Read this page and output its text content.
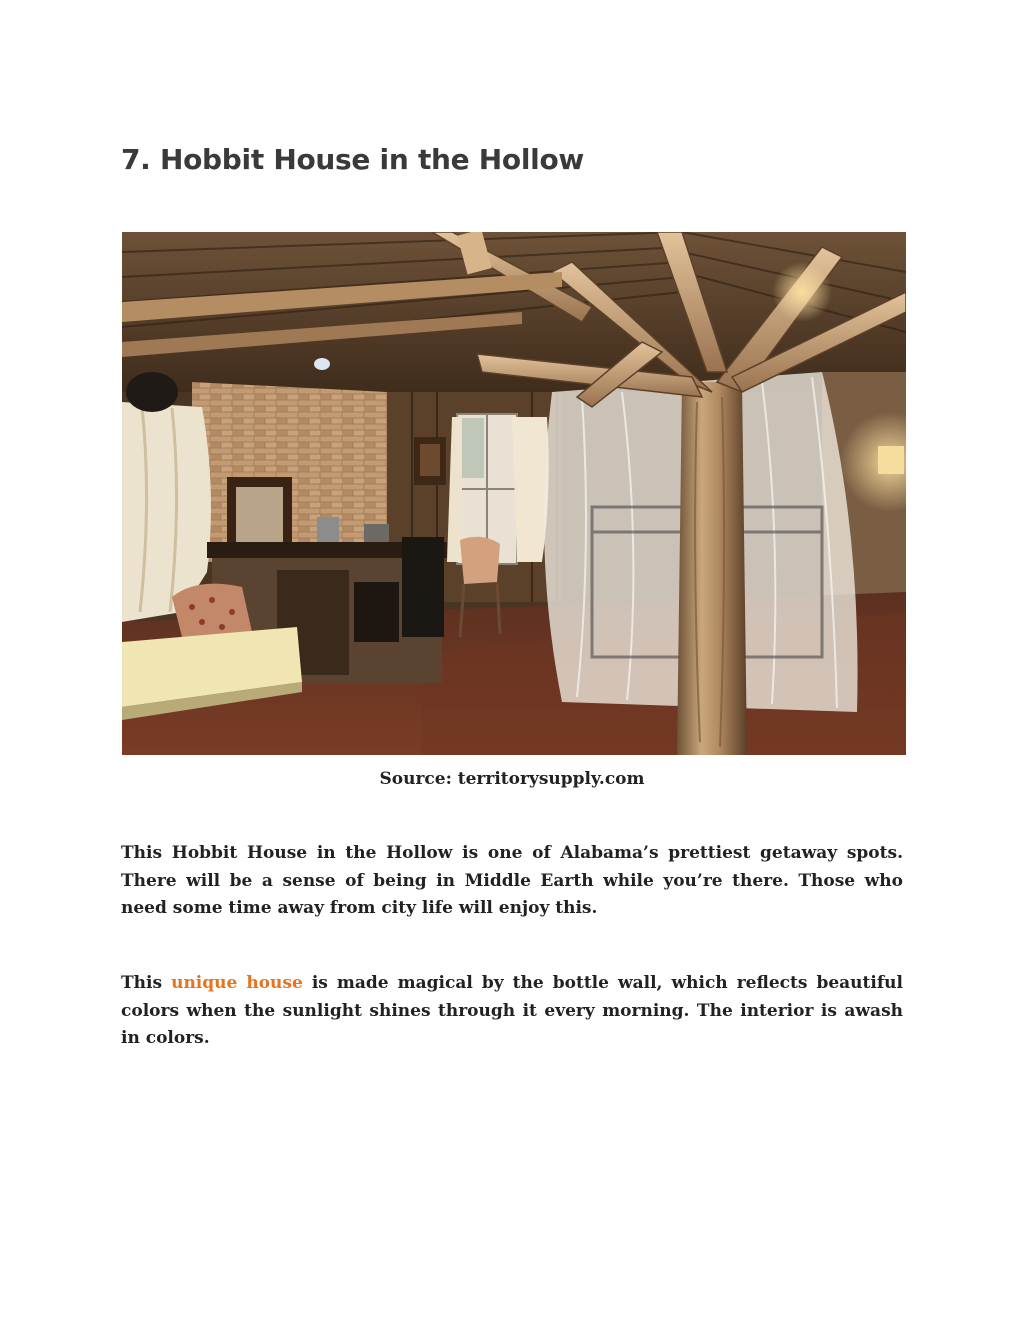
7. Hobbit House in the Hollow
Source: territorysupply.com

This Hobbit House in the Hollow is one of Alabama’s prettiest getaway spots. There will be a sense of being in Middle Earth while you’re there. Those who need some time away from city life will enjoy this.

This unique house is made magical by the bottle wall, which reflects beautiful colors when the sunlight shines through it every morning. The interior is awash in colors.
